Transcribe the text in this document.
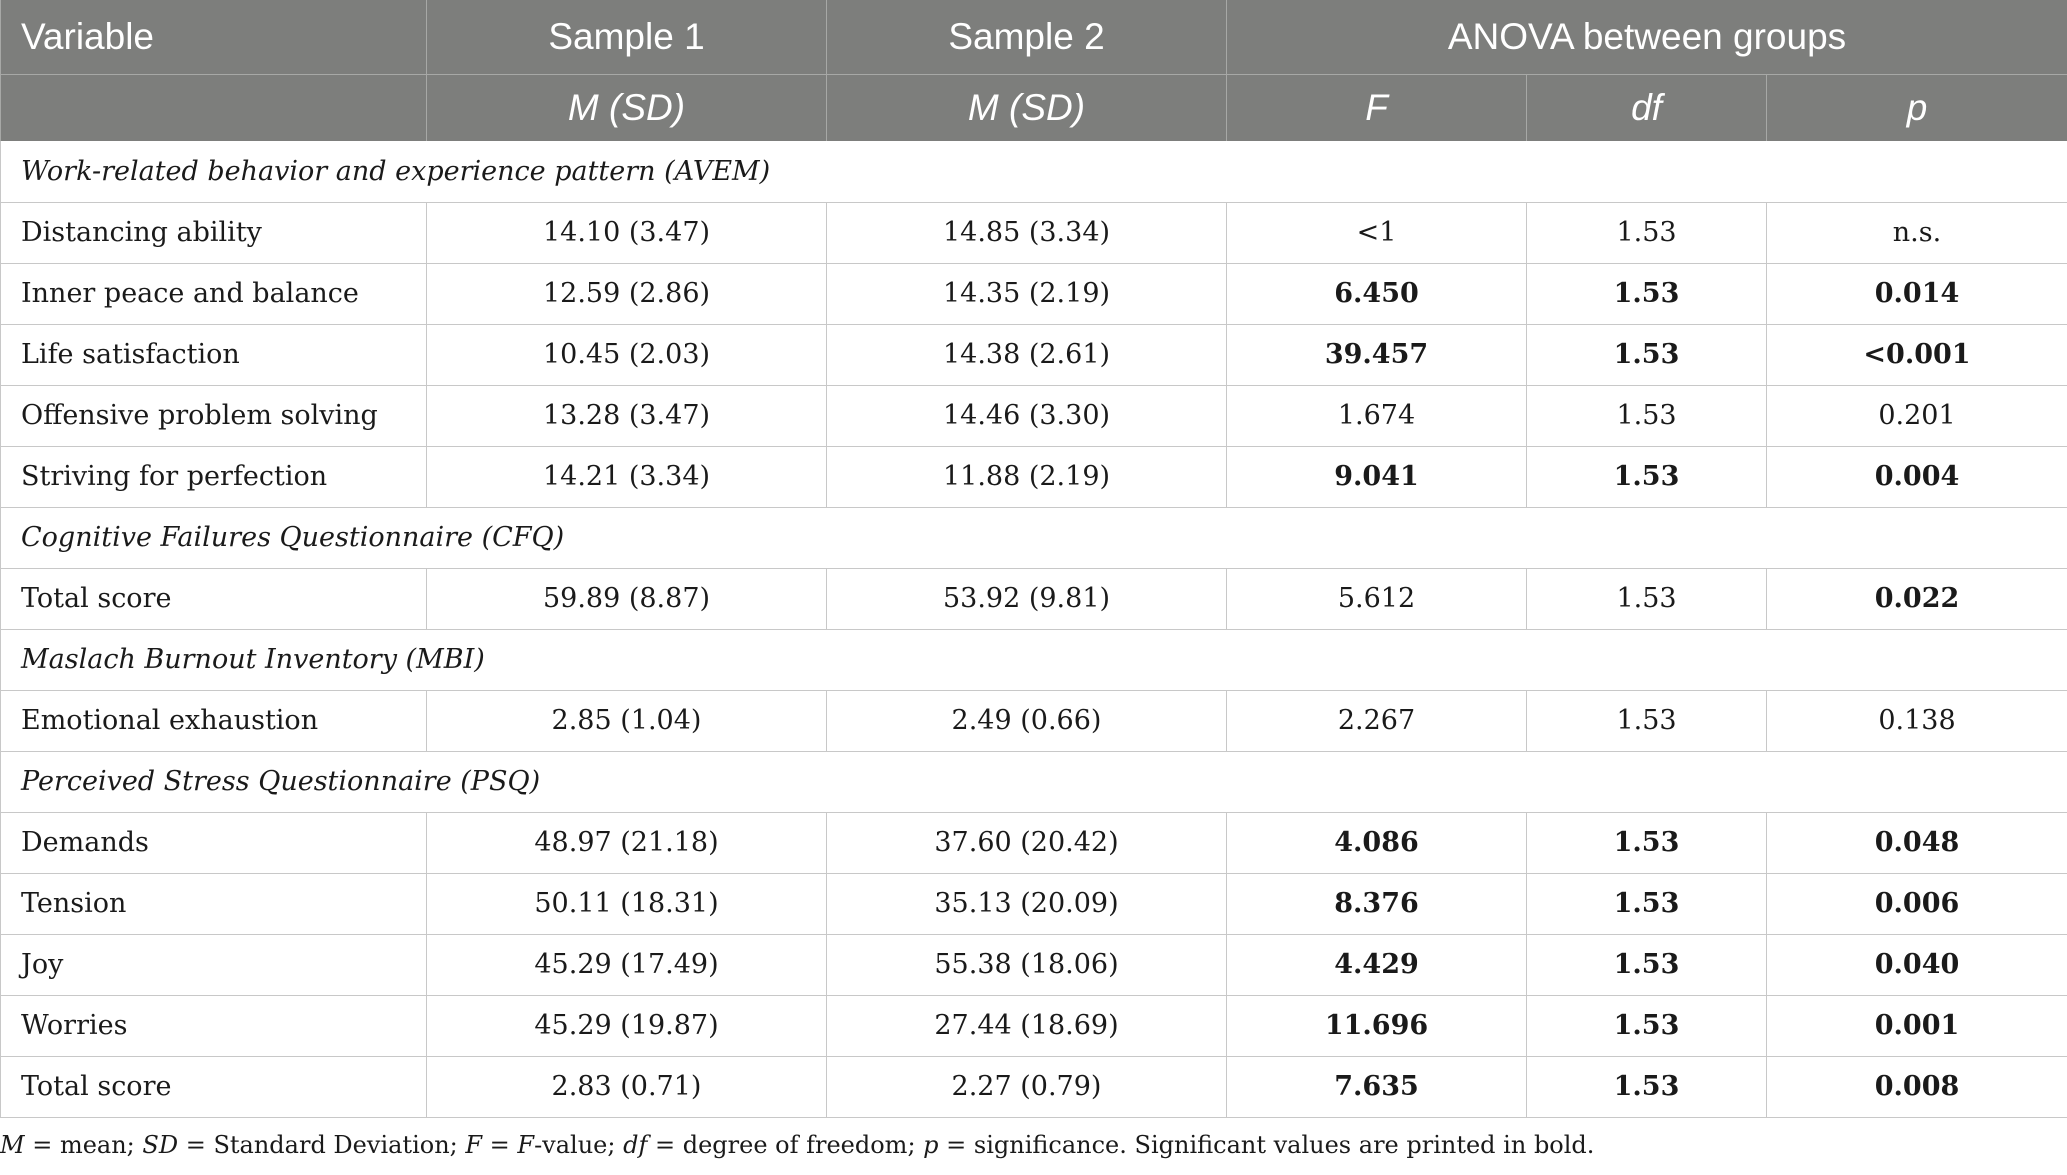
Variable	Sample 1	Sample 2	ANOVA between groups		
	M (SD)	M (SD)	F	df	p
Work-related behavior and experience pattern (AVEM)					
Distancing ability	14.10 (3.47)	14.85 (3.34)	<1	1.53	n.s.
Inner peace and balance	12.59 (2.86)	14.35 (2.19)	6.450	1.53	0.014
Life satisfaction	10.45 (2.03)	14.38 (2.61)	39.457	1.53	<0.001
Offensive problem solving	13.28 (3.47)	14.46 (3.30)	1.674	1.53	0.201
Striving for perfection	14.21 (3.34)	11.88 (2.19)	9.041	1.53	0.004
Cognitive Failures Questionnaire (CFQ)					
Total score	59.89 (8.87)	53.92 (9.81)	5.612	1.53	0.022
Maslach Burnout Inventory (MBI)					
Emotional exhaustion	2.85 (1.04)	2.49 (0.66)	2.267	1.53	0.138
Perceived Stress Questionnaire (PSQ)					
Demands	48.97 (21.18)	37.60 (20.42)	4.086	1.53	0.048
Tension	50.11 (18.31)	35.13 (20.09)	8.376	1.53	0.006
Joy	45.29 (17.49)	55.38 (18.06)	4.429	1.53	0.040
Worries	45.29 (19.87)	27.44 (18.69)	11.696	1.53	0.001
Total score	2.83 (0.71)	2.27 (0.79)	7.635	1.53	0.008
M = mean; SD = Standard Deviation; F = F-value; df = degree of freedom; p = significance. Significant values are printed in bold.
